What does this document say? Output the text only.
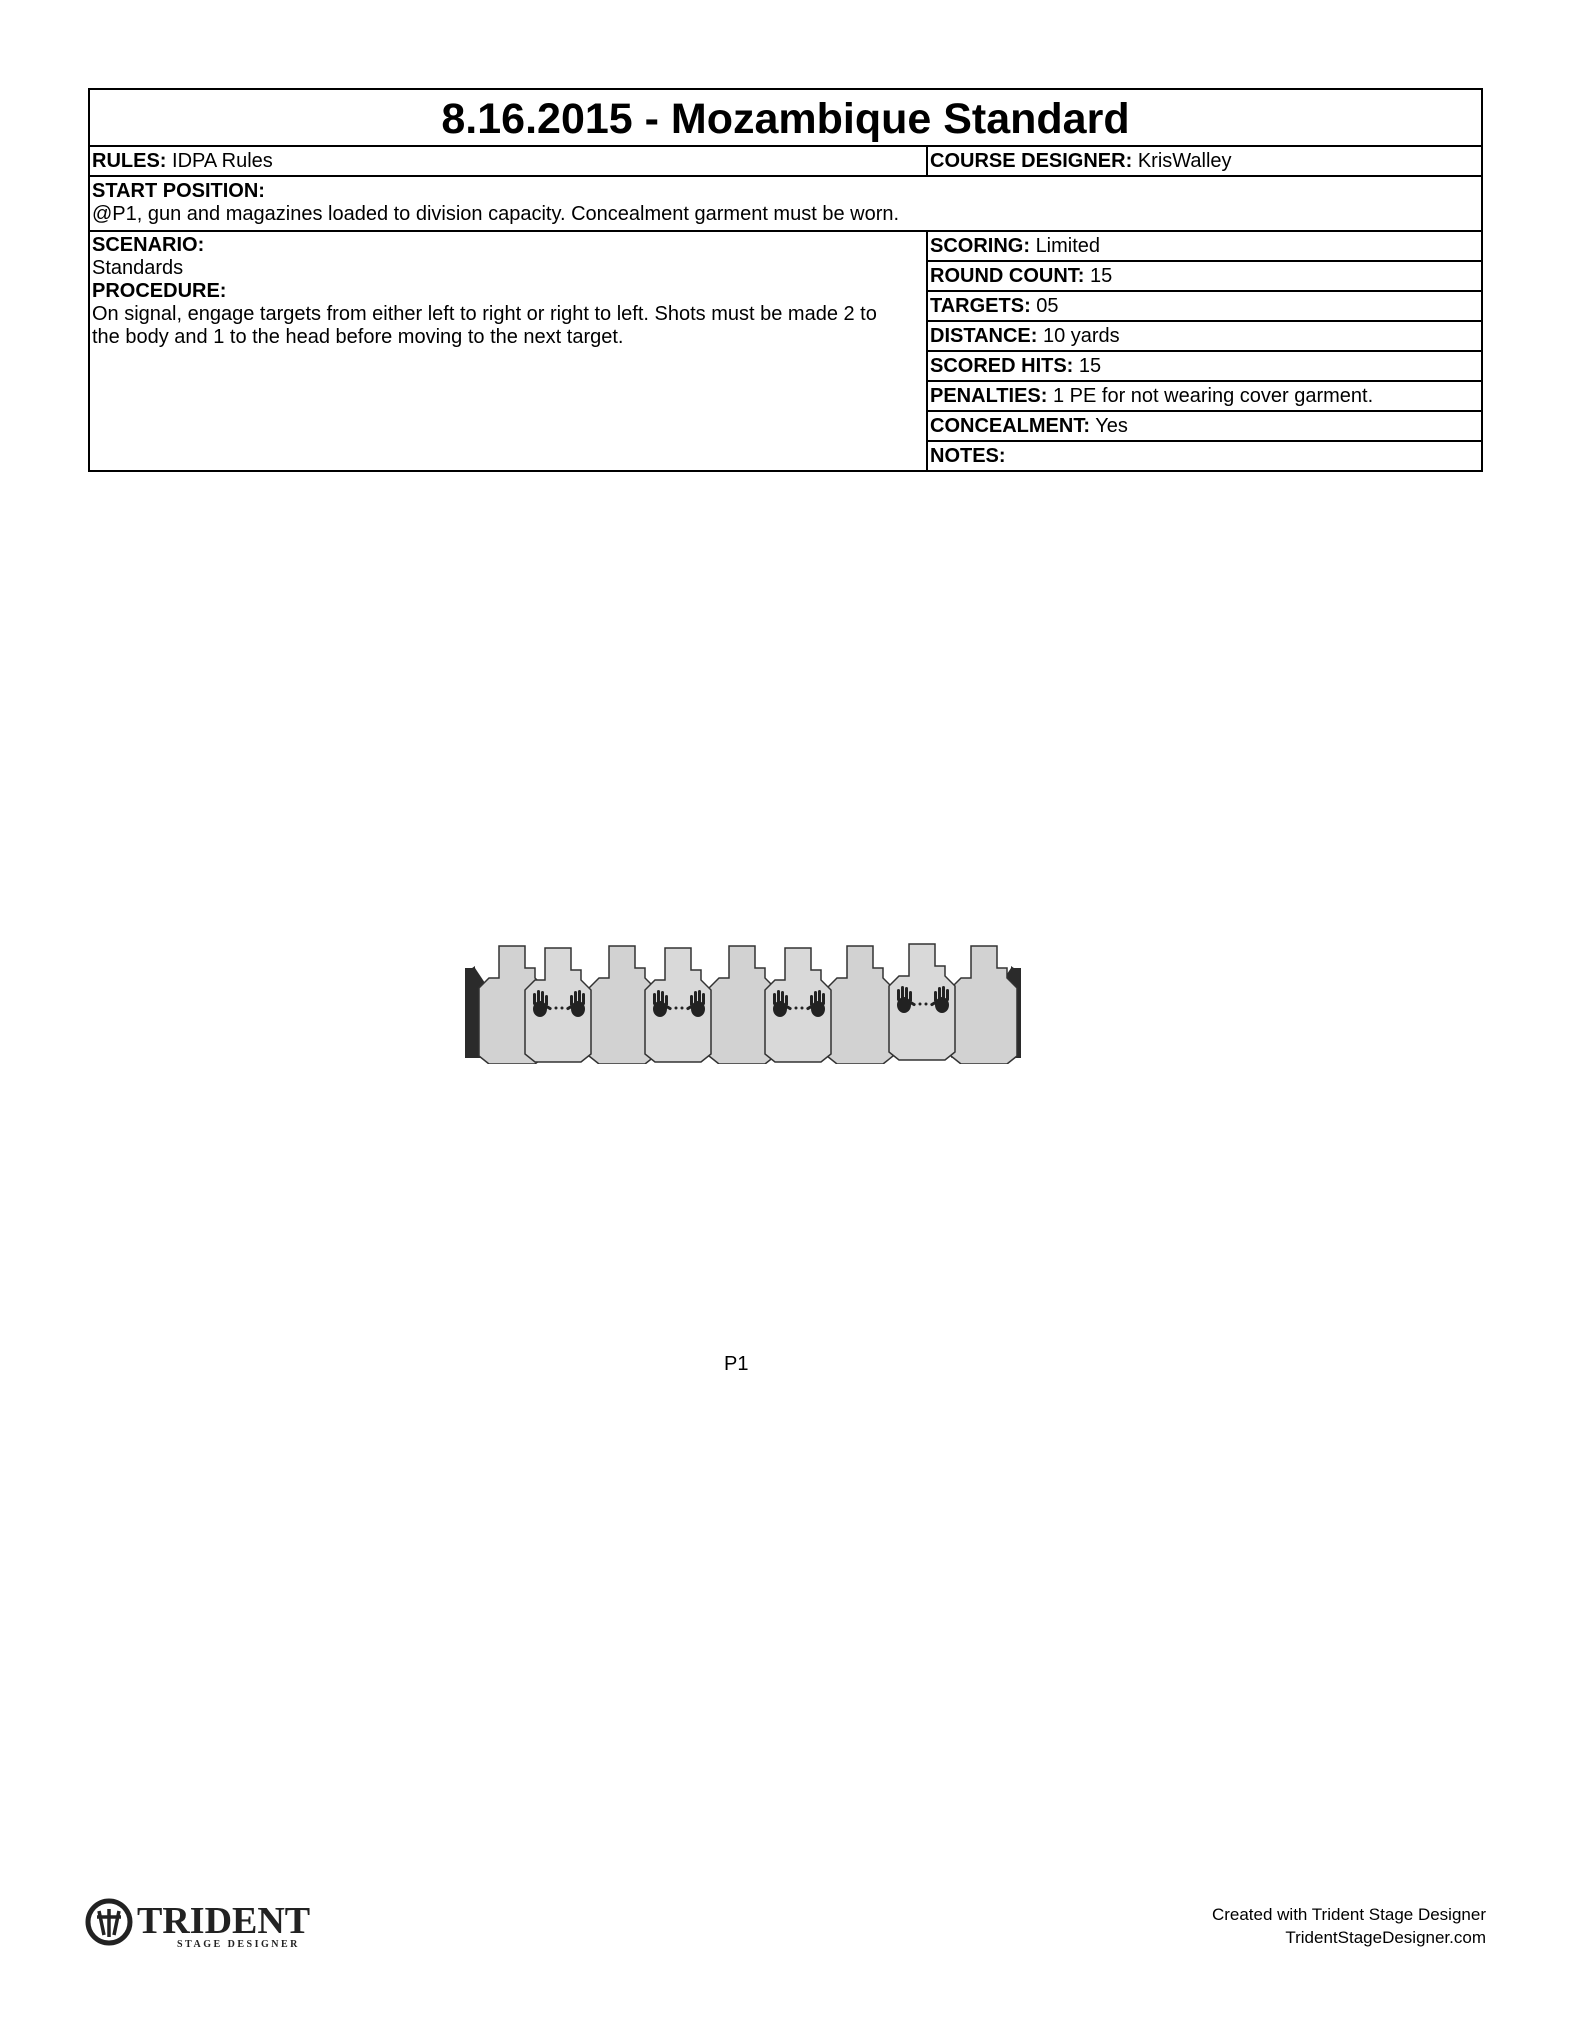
8.16.2015 - Mozambique Standard
RULES: IDPA Rules	COURSE DESIGNER: KrisWalley
START POSITION:
@P1, gun and magazines loaded to division capacity. Concealment garment must be worn.
SCENARIO:
Standards
PROCEDURE:
On signal, engage targets from either left to right or right to left. Shots must be made 2 to the body and 1 to the head before moving to the next target.
SCORING: Limited
ROUND COUNT: 15
TARGETS: 05
DISTANCE: 10 yards
SCORED HITS: 15
PENALTIES: 1 PE for not wearing cover garment.
CONCEALMENT: Yes
NOTES:
P1
TRIDENT
STAGE DESIGNER
Created with Trident Stage Designer
TridentStageDesigner.com
